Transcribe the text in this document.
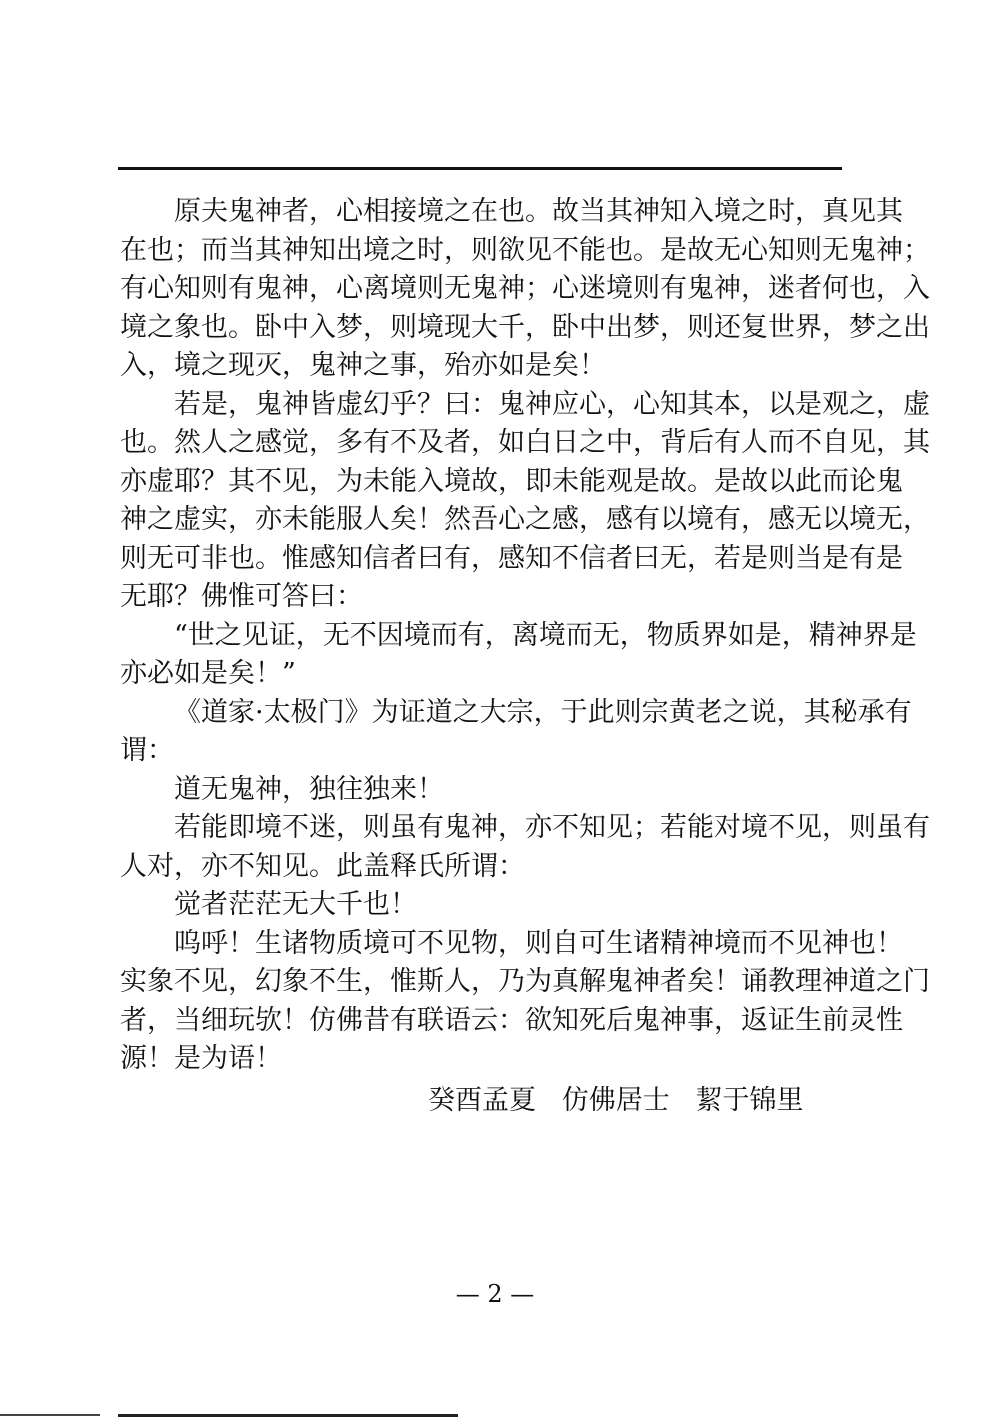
原夫鬼神者，心相接境之在也。故当其神知入境之时，真见其
在也；而当其神知出境之时，则欲见不能也。是故无心知则无鬼神；
有心知则有鬼神，心离境则无鬼神；心迷境则有鬼神，迷者何也，入
境之象也。卧中入梦，则境现大千，卧中出梦，则还复世界，梦之出
入，境之现灭，鬼神之事，殆亦如是矣！
若是，鬼神皆虚幻乎？曰：鬼神应心，心知其本，以是观之，虚
也。然人之感觉，多有不及者，如白日之中，背后有人而不自见，其
亦虚耶？其不见，为未能入境故，即未能观是故。是故以此而论鬼
神之虚实，亦未能服人矣！然吾心之感，感有以境有，感无以境无，
则无可非也。惟感知信者曰有，感知不信者曰无，若是则当是有是
无耶？佛惟可答曰：
“世之见证，无不因境而有，离境而无，物质界如是，精神界是
亦必如是矣！”
《道家·太极门》为证道之大宗，于此则宗黄老之说，其秘承有
谓：
道无鬼神，独往独来！
若能即境不迷，则虽有鬼神，亦不知见；若能对境不见，则虽有
人对，亦不知见。此盖释氏所谓：
觉者茫茫无大千也！
呜呼！生诸物质境可不见物，则自可生诸精神境而不见神也！
实象不见，幻象不生，惟斯人，乃为真解鬼神者矣！诵教理神道之门
者，当细玩欤！仿佛昔有联语云：欲知死后鬼神事，返证生前灵性
源！是为语！
癸酉孟夏   仿佛居士   絜于锦里
— 2 —
